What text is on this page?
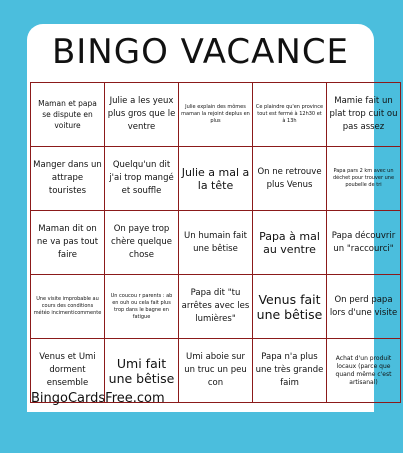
BINGO VACANCE
Maman et papa se dispute en voiture	Julie a les yeux plus gros que le ventre	Julie explain des mômes maman la rejoint deplus en plus	Ce plaindre qu'en province tout est fermé à 12h30 et à 13h	Mamie fait un plat trop cuit ou pas assez
Manger dans un attrape touristes	Quelqu'un dit j'ai trop mangé et souffle	Julie a mal a la tête	On ne retrouve plus Venus	Papa pars 2 km avec un déchet pour trouver une poubelle de tri
Maman dit on ne va pas tout faire	On paye trop chère quelque chose	Un humain fait une bêtise	Papa à mal au ventre	Papa découvrir un "raccourci"
Une visite improbable au cours des conditions météo incimenticommente	Un coucou r parents : ab en ouh ou cela fait plus trop dans le bagne en fatigue	Papa dit "tu arrêtes avec les lumières"	Venus fait une bêtise	On perd papa lors d'une visite
Venus et Umi dorment ensemble	Umi fait une bêtise	Umi aboie sur un truc un peu con	Papa n'a plus une très grande faim	Achat d'un produit locaux (parce que quand même c'est artisanal)
BingoCardsFree.com
